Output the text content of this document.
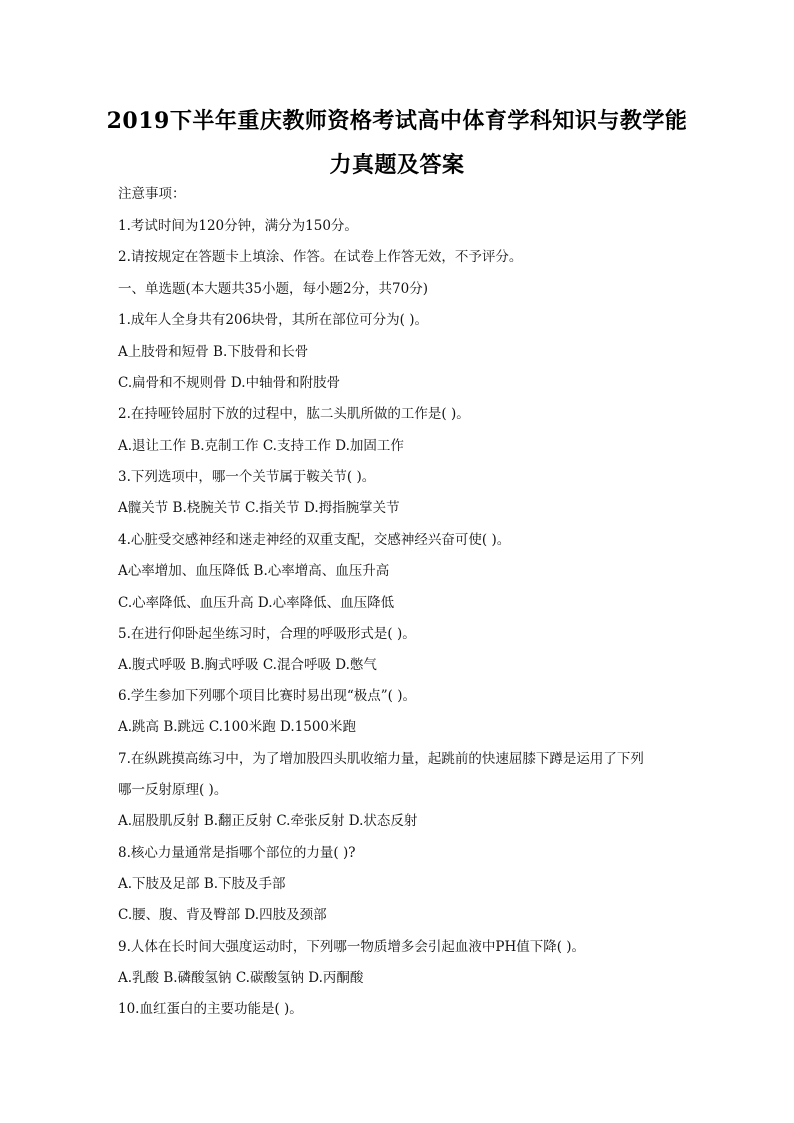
2019下半年重庆教师资格考试高中体育学科知识与教学能
力真题及答案
注意事项：
1.考试时间为120分钟，满分为150分。
2.请按规定在答题卡上填涂、作答。在试卷上作答无效，不予评分。
一、单选题(本大题共35小题，每小题2分，共70分)
1.成年人全身共有206块骨，其所在部位可分为( )。
A上肢骨和短骨 B.下肢骨和长骨
C.扁骨和不规则骨 D.中轴骨和附肢骨
2.在持哑铃屈肘下放的过程中，肱二头肌所做的工作是( )。
A.退让工作 B.克制工作 C.支持工作 D.加固工作
3.下列选项中，哪一个关节属于鞍关节( )。
A髋关节 B.桡腕关节 C.指关节 D.拇指腕掌关节
4.心脏受交感神经和迷走神经的双重支配，交感神经兴奋可使( )。
A心率增加、血压降低 B.心率增高、血压升高
C.心率降低、血压升高 D.心率降低、血压降低
5.在进行仰卧起坐练习时，合理的呼吸形式是( )。
A.腹式呼吸 B.胸式呼吸 C.混合呼吸 D.憋气
6.学生参加下列哪个项目比赛时易出现“极点”( )。
A.跳高 B.跳远 C.100米跑 D.1500米跑
7.在纵跳摸高练习中，为了增加股四头肌收缩力量，起跳前的快速屈膝下蹲是运用了下列
哪一反射原理( )。
A.屈股肌反射 B.翻正反射 C.牵张反射 D.状态反射
8.核心力量通常是指哪个部位的力量( )?
A.下肢及足部 B.下肢及手部
C.腰、腹、背及臀部 D.四肢及颈部
9.人体在长时间大强度运动时，下列哪一物质增多会引起血液中PH值下降( )。
A.乳酸 B.磷酸氢钠 C.碳酸氢钠 D.丙酮酸
10.血红蛋白的主要功能是( )。
